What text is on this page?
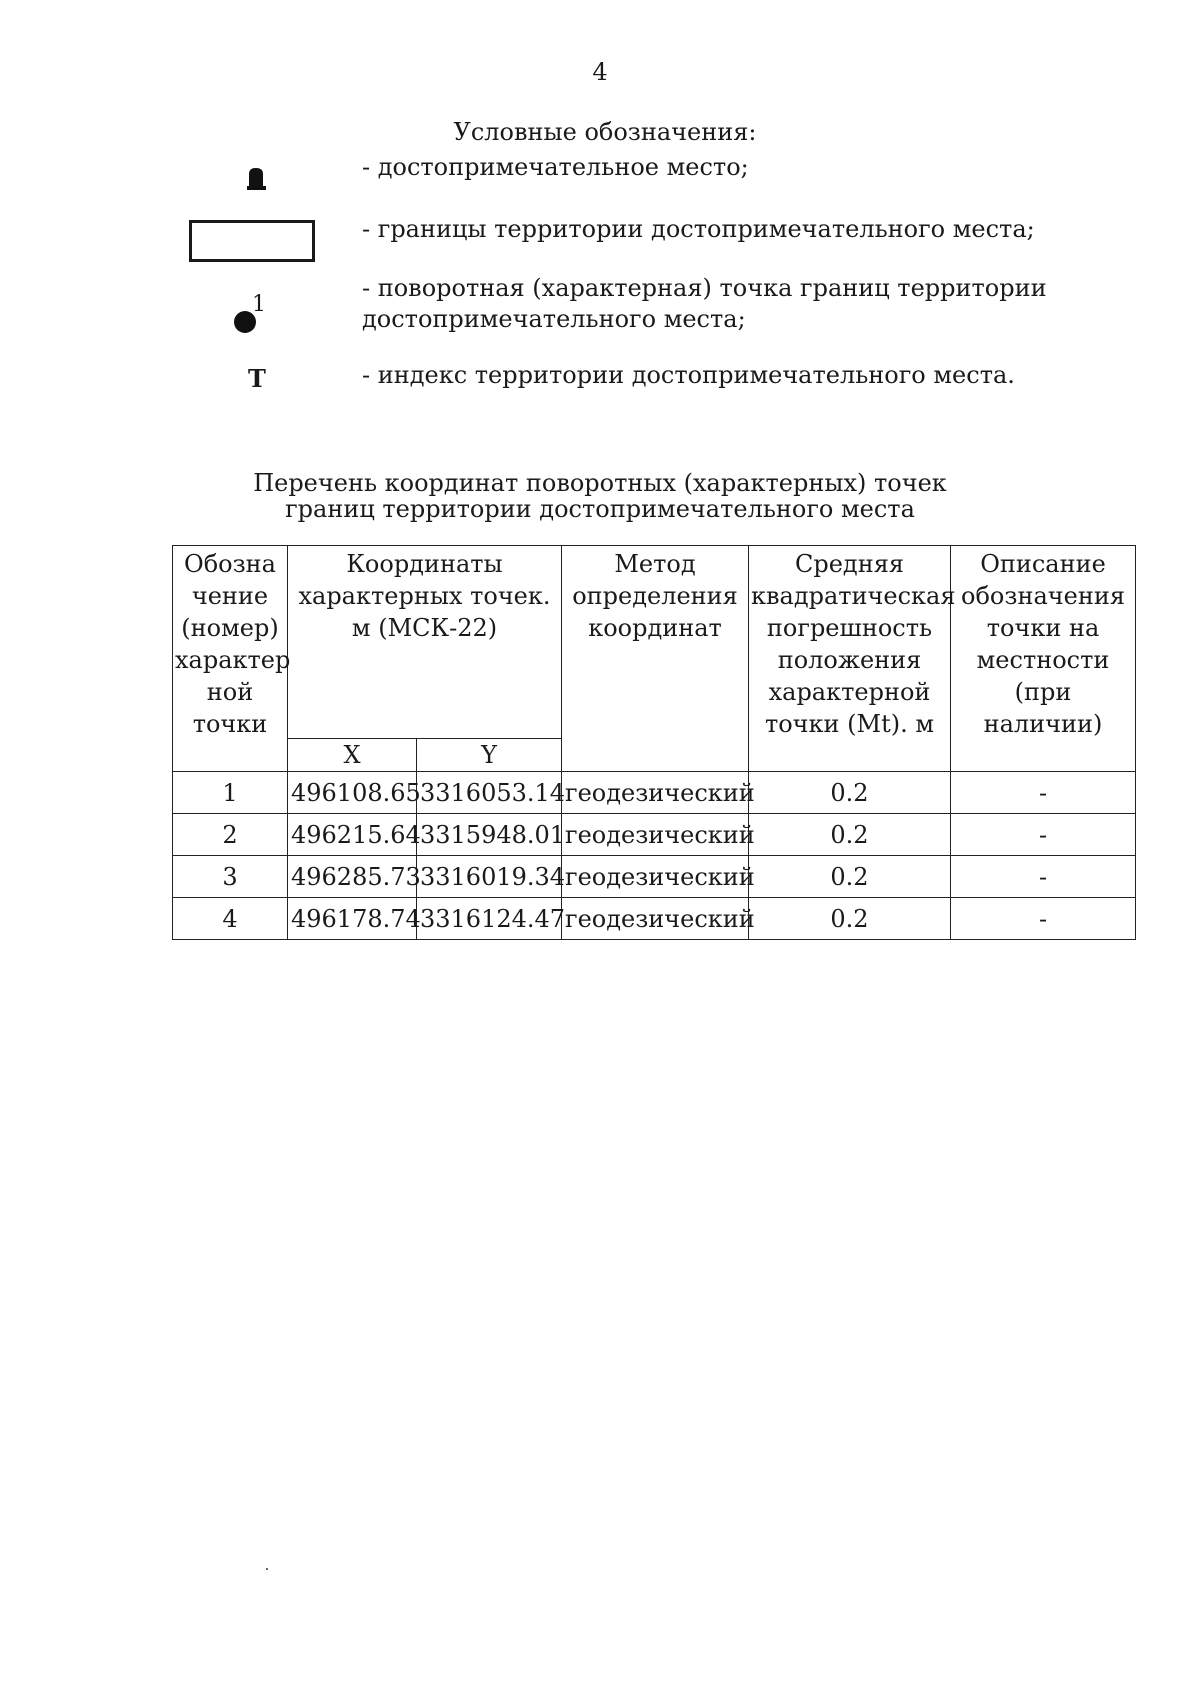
4
Условные обозначения:
- достопримечательное место;
- границы территории достопримечательного места;
1
- поворотная (характерная) точка границ территории достопримечательного места;
Т	- индекс территории достопримечательного места.
Перечень координат поворотных (характерных) точек
границ территории достопримечательного места
Обозна чение (номер) характер ной точки	Координаты характерных точек. м (МСК-22)		Метод определения координат	Средняя квадратическая погрешность положения характерной точки (Mt). м	Описание обозначения точки на местности (при наличии)
	X	Y			
1	496108.65	3316053.14	геодезический	0.2	-
2	496215.64	3315948.01	геодезический	0.2	-
3	496285.73	3316019.34	геодезический	0.2	-
4	496178.74	3316124.47	геодезический	0.2	-
